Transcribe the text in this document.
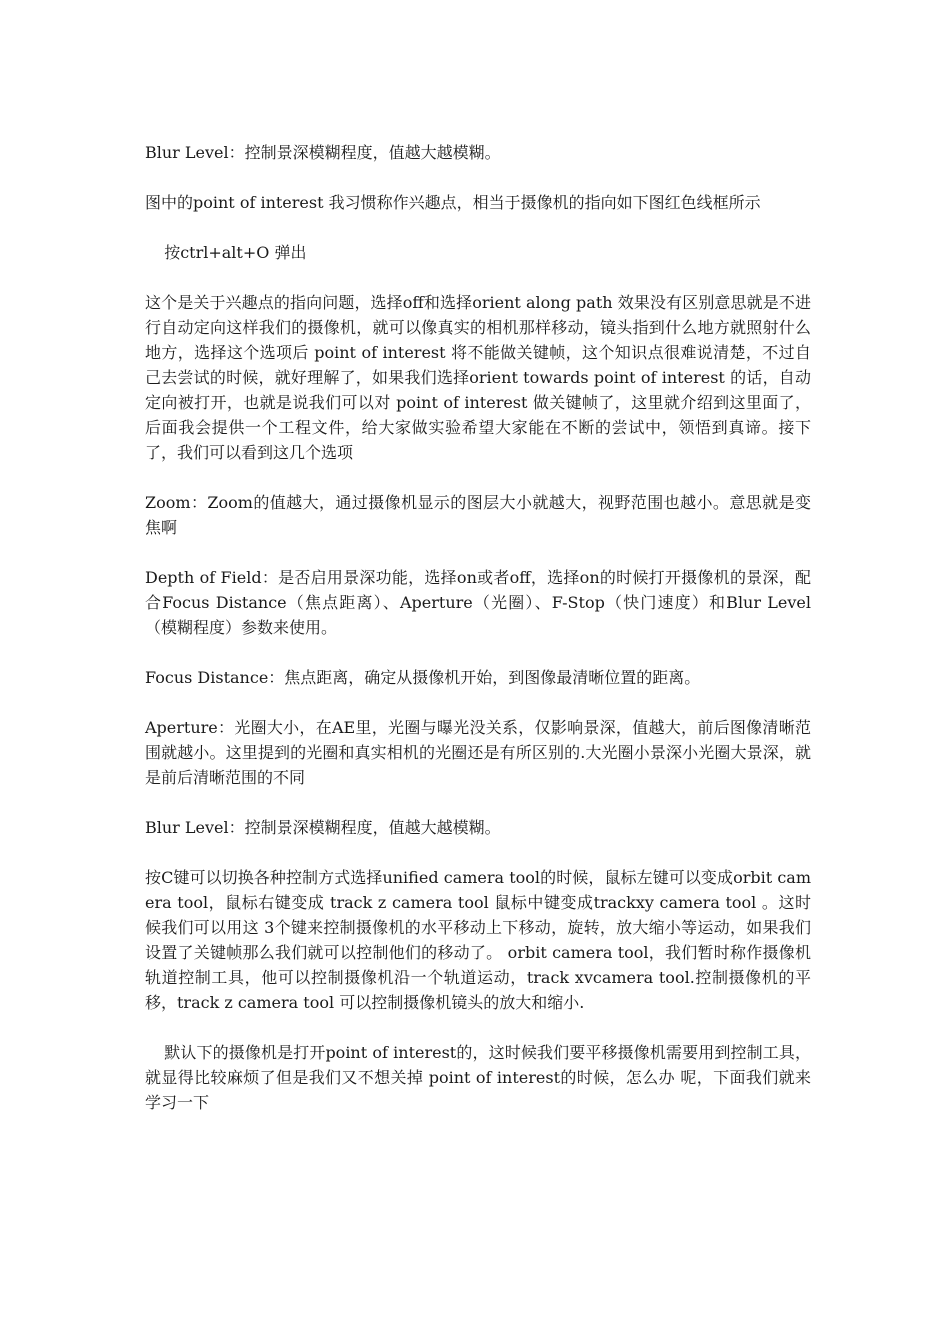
Blur Level：控制景深模糊程度，值越大越模糊。

图中的point of interest 我习惯称作兴趣点，相当于摄像机的指向如下图红色线框所示

按ctrl+alt+O 弹出

这个是关于兴趣点的指向问题，选择off和选择orient along path 效果没有区别意思就是不进行自动定向这样我们的摄像机，就可以像真实的相机那样移动，镜头指到什么地方就照射什么地方，选择这个选项后 point of interest 将不能做关键帧，这个知识点很难说清楚，不过自己去尝试的时候，就好理解了，如果我们选择orient towards point of interest 的话，自动定向被打开，也就是说我们可以对 point of interest 做关键帧了，这里就介绍到这里面了，后面我会提供一个工程文件，给大家做实验希望大家能在不断的尝试中，领悟到真谛。接下了，我们可以看到这几个选项

Zoom：Zoom的值越大，通过摄像机显示的图层大小就越大，视野范围也越小。意思就是变焦啊

Depth of Field：是否启用景深功能，选择on或者off，选择on的时候打开摄像机的景深，配合Focus Distance（焦点距离）、Aperture（光圈）、F-Stop（快门速度）和Blur Level（模糊程度）参数来使用。

Focus Distance：焦点距离，确定从摄像机开始，到图像最清晰位置的距离。

Aperture：光圈大小，在AE里，光圈与曝光没关系，仅影响景深，值越大，前后图像清晰范围就越小。这里提到的光圈和真实相机的光圈还是有所区别的.大光圈小景深小光圈大景深，就是前后清晰范围的不同

Blur Level：控制景深模糊程度，值越大越模糊。

按C键可以切换各种控制方式选择unified camera tool的时候，鼠标左键可以变成orbit camera tool，鼠标右键变成 track z camera tool 鼠标中键变成trackxy camera tool 。这时候我们可以用这 3个键来控制摄像机的水平移动上下移动，旋转，放大缩小等运动，如果我们设置了关键帧那么我们就可以控制他们的移动了。 orbit camera tool，我们暂时称作摄像机轨道控制工具，他可以控制摄像机沿一个轨道运动，track xvcamera tool.控制摄像机的平移，track z camera tool 可以控制摄像机镜头的放大和缩小.

默认下的摄像机是打开point of interest的，这时候我们要平移摄像机需要用到控制工具，就显得比较麻烦了但是我们又不想关掉 point of interest的时候，怎么办 呢，下面我们就来学习一下
